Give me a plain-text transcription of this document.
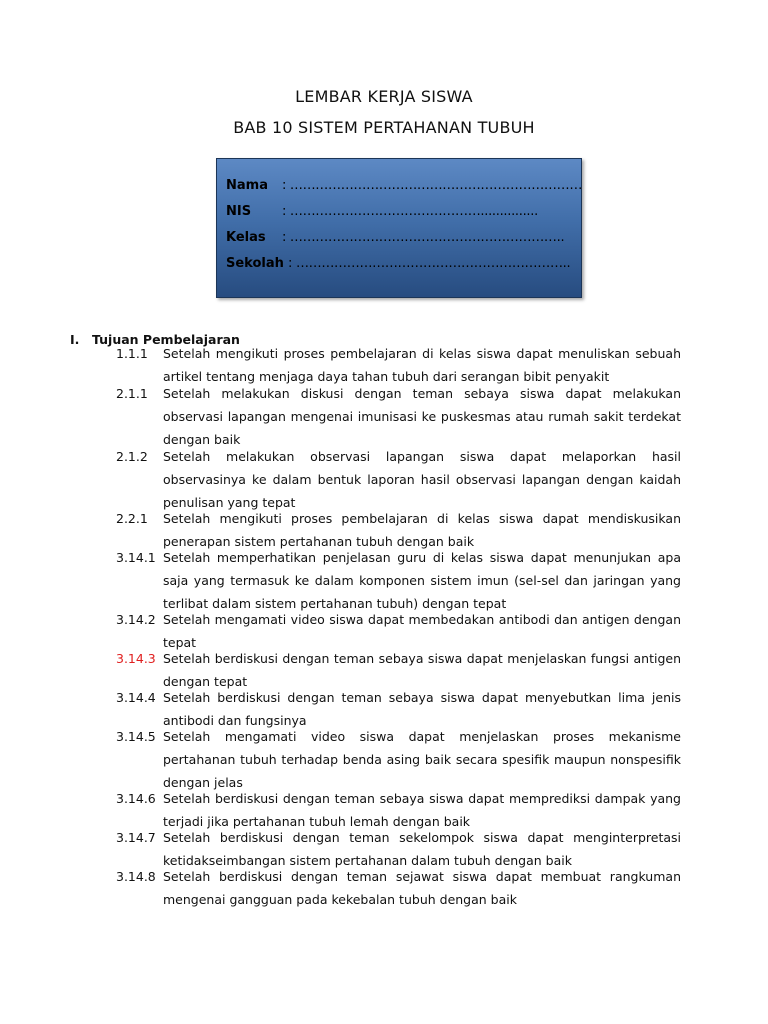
LEMBAR KERJA SISWA
BAB 10 SISTEM PERTAHANAN TUBUH
Nama : ……………………………………………………………
NIS : ………………………………………...............
Kelas : ………………………………………………………..
Sekolah : ………………………………………………………..
I. Tujuan Pembelajaran
1.1.1 Setelah mengikuti proses pembelajaran di kelas siswa dapat menuliskan sebuah artikel tentang menjaga daya tahan tubuh dari serangan bibit penyakit
2.1.1 Setelah melakukan diskusi dengan teman sebaya siswa dapat melakukan observasi lapangan mengenai imunisasi ke puskesmas atau rumah sakit terdekat dengan baik
2.1.2 Setelah melakukan observasi lapangan siswa dapat melaporkan hasil observasinya ke dalam bentuk laporan hasil observasi lapangan dengan kaidah penulisan yang tepat
2.2.1 Setelah mengikuti proses pembelajaran di kelas siswa dapat mendiskusikan penerapan sistem pertahanan tubuh dengan baik
3.14.1 Setelah memperhatikan penjelasan guru di kelas siswa dapat menunjukan apa saja yang termasuk ke dalam komponen sistem imun (sel-sel dan jaringan yang terlibat dalam sistem pertahanan tubuh) dengan tepat
3.14.2 Setelah mengamati video siswa dapat membedakan antibodi dan antigen dengan tepat
3.14.3 Setelah berdiskusi dengan teman sebaya siswa dapat menjelaskan fungsi antigen dengan tepat
3.14.4 Setelah berdiskusi dengan teman sebaya siswa dapat menyebutkan lima jenis antibodi dan fungsinya
3.14.5 Setelah mengamati video siswa dapat menjelaskan proses mekanisme pertahanan tubuh terhadap benda asing baik secara spesifik maupun nonspesifik dengan jelas
3.14.6 Setelah berdiskusi dengan teman sebaya siswa dapat memprediksi dampak yang terjadi jika pertahanan tubuh lemah dengan baik
3.14.7 Setelah berdiskusi dengan teman sekelompok siswa dapat menginterpretasi ketidakseimbangan sistem pertahanan dalam tubuh dengan baik
3.14.8 Setelah berdiskusi dengan teman sejawat siswa dapat membuat rangkuman mengenai gangguan pada kekebalan tubuh dengan baik
